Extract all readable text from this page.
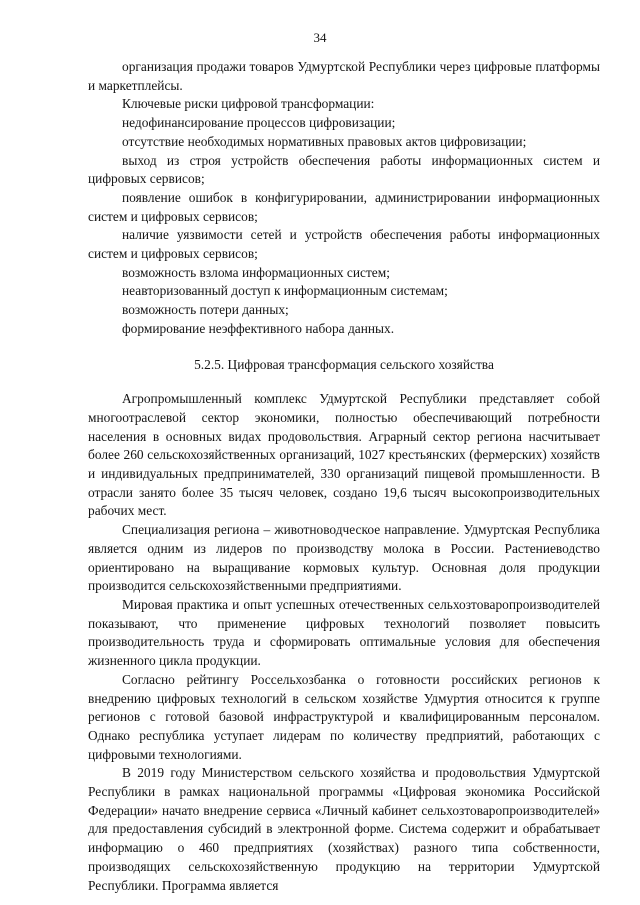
34

организация продажи товаров Удмуртской Республики через цифровые платформы и маркетплейсы.

Ключевые риски цифровой трансформации:

недофинансирование процессов цифровизации;

отсутствие необходимых нормативных правовых актов цифровизации;

выход из строя устройств обеспечения работы информационных систем и цифровых сервисов;

появление ошибок в конфигурировании, администрировании информационных систем и цифровых сервисов;

наличие уязвимости сетей и устройств обеспечения работы информационных систем и цифровых сервисов;

возможность взлома информационных систем;

неавторизованный доступ к информационным системам;

возможность потери данных;

формирование неэффективного набора данных.

5.2.5. Цифровая трансформация сельского хозяйства

Агропромышленный комплекс Удмуртской Республики представляет собой многоотраслевой сектор экономики, полностью обеспечивающий потребности населения в основных видах продовольствия. Аграрный сектор региона насчитывает более 260 сельскохозяйственных организаций, 1027 крестьянских (фермерских) хозяйств и индивидуальных предпринимателей, 330 организаций пищевой промышленности. В отрасли занято более 35 тысяч человек, создано 19,6 тысяч высокопроизводительных рабочих мест.

Специализация региона – животноводческое направление. Удмуртская Республика является одним из лидеров по производству молока в России. Растениеводство ориентировано на выращивание кормовых культур. Основная доля продукции производится сельскохозяйственными предприятиями.

Мировая практика и опыт успешных отечественных сельхозтоваропроизводителей показывают, что применение цифровых технологий позволяет повысить производительность труда и сформировать оптимальные условия для обеспечения жизненного цикла продукции.

Согласно рейтингу Россельхозбанка о готовности российских регионов к внедрению цифровых технологий в сельском хозяйстве Удмуртия относится к группе регионов с готовой базовой инфраструктурой и квалифицированным персоналом. Однако республика уступает лидерам по количеству предприятий, работающих с цифровыми технологиями.

В 2019 году Министерством сельского хозяйства и продовольствия Удмуртской Республики в рамках национальной программы «Цифровая экономика Российской Федерации» начато внедрение сервиса «Личный кабинет сельхозтоваропроизводителей» для предоставления субсидий в электронной форме. Система содержит и обрабатывает информацию о 460 предприятиях (хозяйствах) разного типа собственности, производящих сельскохозяйственную продукцию на территории Удмуртской Республики. Программа является
